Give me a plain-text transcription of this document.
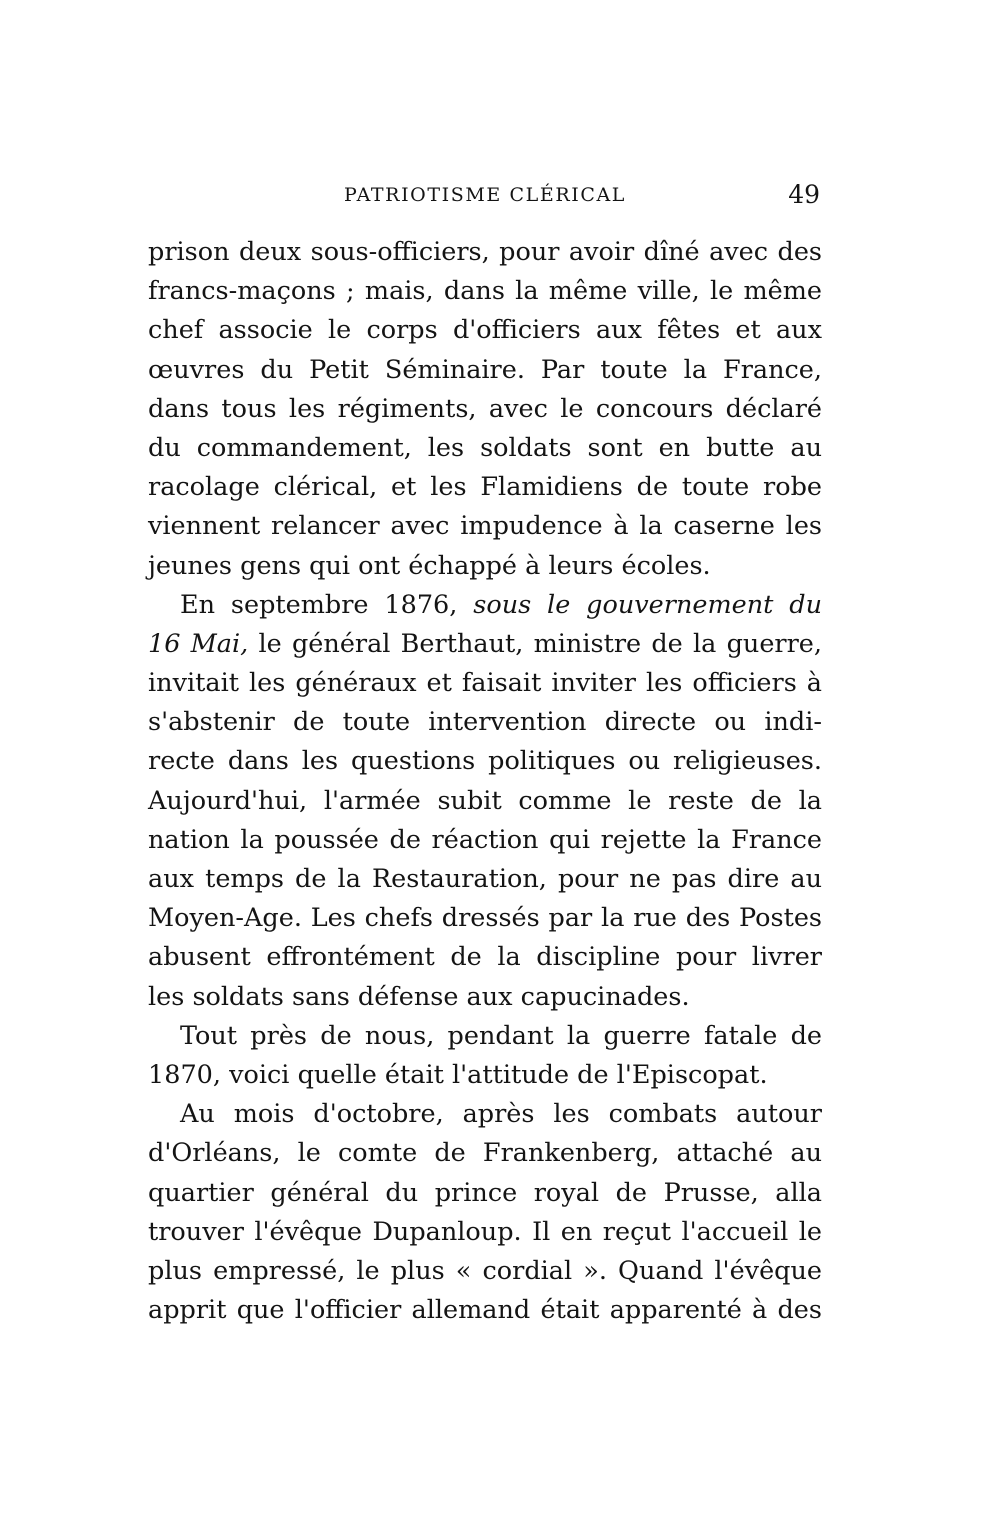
PATRIOTISME CLÉRICAL	49
prison deux sous-officiers, pour avoir dîné avec des
francs-maçons ; mais, dans la même ville, le même
chef associe le corps d'officiers aux fêtes et aux
œuvres du Petit Séminaire. Par toute la France,
dans tous les régiments, avec le concours déclaré
du commandement, les soldats sont en butte au
racolage clérical, et les Flamidiens de toute robe
viennent relancer avec impudence à la caserne les
jeunes gens qui ont échappé à leurs écoles.
En septembre 1876, sous le gouvernement du
16 Mai, le général Berthaut, ministre de la guerre,
invitait les généraux et faisait inviter les officiers à
s'abstenir de toute intervention directe ou indi-
recte dans les questions politiques ou religieuses.
Aujourd'hui, l'armée subit comme le reste de la
nation la poussée de réaction qui rejette la France
aux temps de la Restauration, pour ne pas dire au
Moyen-Age. Les chefs dressés par la rue des Postes
abusent effrontément de la discipline pour livrer
les soldats sans défense aux capucinades.
Tout près de nous, pendant la guerre fatale de
1870, voici quelle était l'attitude de l'Episcopat.
Au mois d'octobre, après les combats autour
d'Orléans, le comte de Frankenberg, attaché au
quartier général du prince royal de Prusse, alla
trouver l'évêque Dupanloup. Il en reçut l'accueil le
plus empressé, le plus « cordial ». Quand l'évêque
apprit que l'officier allemand était apparenté à des
